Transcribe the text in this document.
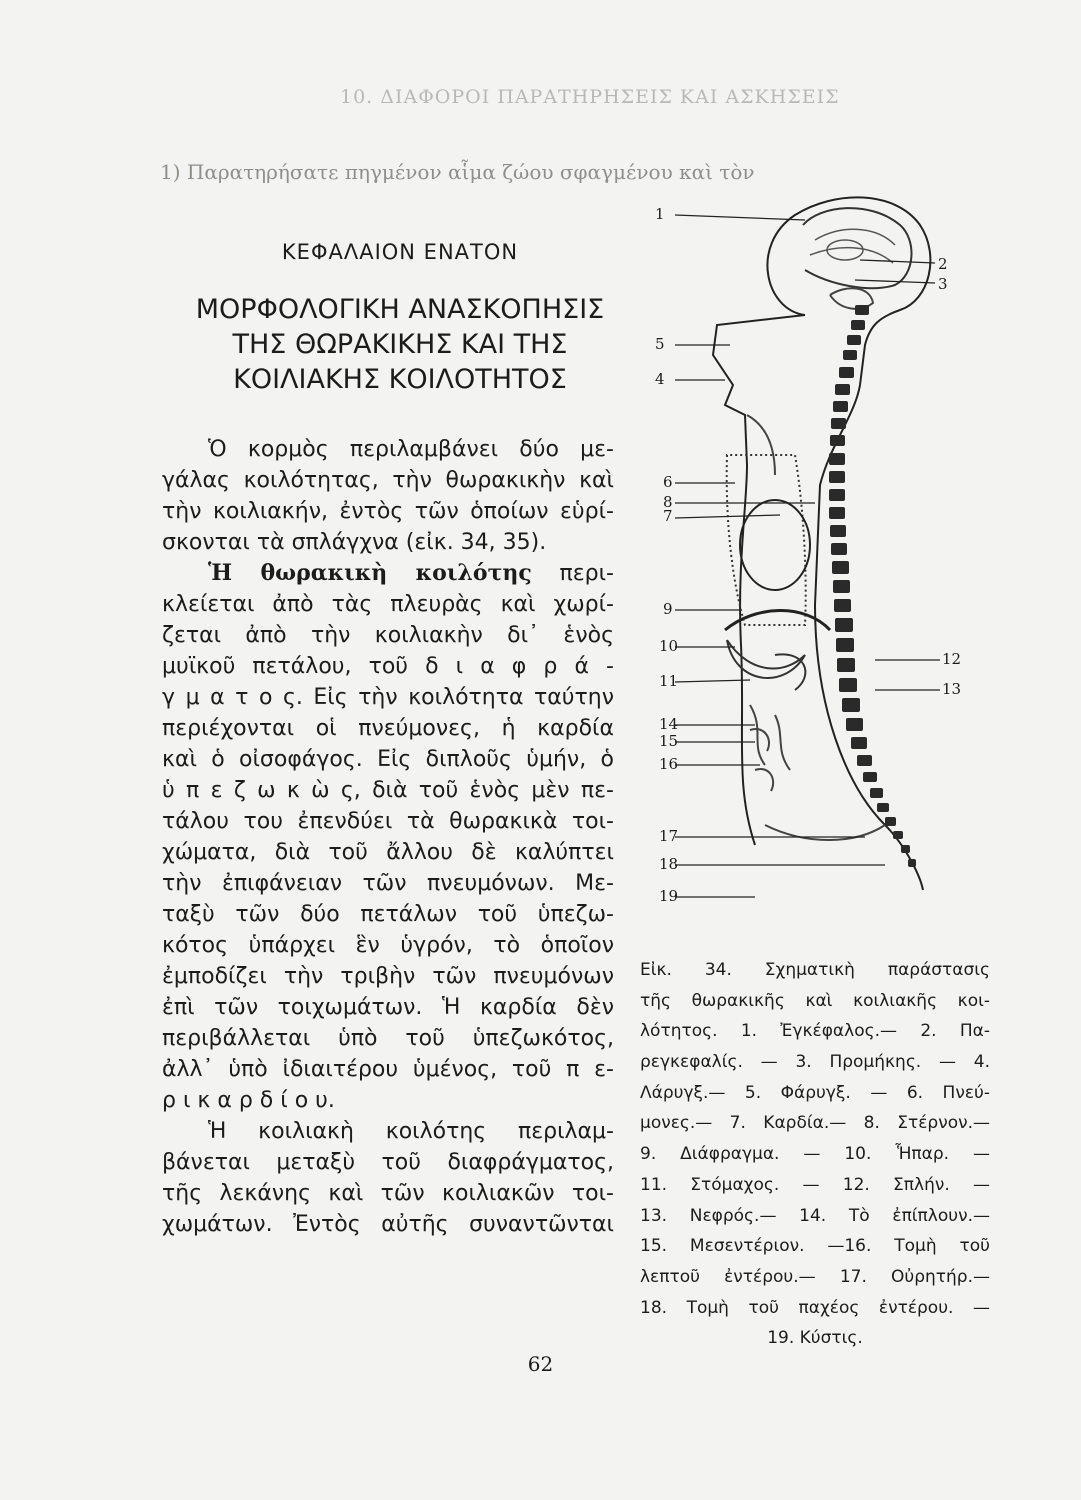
10. ΔΙΑΦΟΡΟΙ ΠΑΡΑΤΗΡΗΣΕΙΣ ΚΑΙ ΑΣΚΗΣΕΙΣ
1) Παρατηρήσατε πηγμένον αἷμα ζώου σφαγμένου καὶ τὸν
ΚΕΦΑΛΑΙΟΝ ΕΝΑΤΟΝ
ΜΟΡΦΟΛΟΓΙΚΗ ΑΝΑΣΚΟΠΗΣΙΣ
ΤΗΣ ΘΩΡΑΚΙΚΗΣ ΚΑΙ ΤΗΣ
ΚΟΙΛΙΑΚΗΣ ΚΟΙΛΟΤΗΤΟΣ
Ὁ κορμὸς περιλαμβάνει δύο με-
γάλας κοιλότητας, τὴν θωρακικὴν καὶ
τὴν κοιλιακήν, ἐντὸς τῶν ὁποίων εὑρί-
σκονται τὰ σπλάγχνα (εἰκ. 34, 35).
Ἡ θωρακικὴ κοιλότης περι-
κλείεται ἀπὸ τὰς πλευρὰς καὶ χωρί-
ζεται ἀπὸ τὴν κοιλιακὴν δι᾽ ἑνὸς
μυϊκοῦ πετάλου, τοῦ δ ι α φ ρ ά -
γ μ α τ ο ς. Εἰς τὴν κοιλότητα ταύτην
περιέχονται οἱ πνεύμονες, ἡ καρδία
καὶ ὁ οἰσοφάγος. Εἰς διπλοῦς ὑμήν, ὁ
ὑ π ε ζ ω κ ὼ ς, διὰ τοῦ ἑνὸς μὲν πε-
τάλου του ἐπενδύει τὰ θωρακικὰ τοι-
χώματα, διὰ τοῦ ἄλλου δὲ καλύπτει
τὴν ἐπιφάνειαν τῶν πνευμόνων. Με-
ταξὺ τῶν δύο πετάλων τοῦ ὑπεζω-
κότος ὑπάρχει ἓν ὑγρόν, τὸ ὁποῖον
ἐμποδίζει τὴν τριβὴν τῶν πνευμόνων
ἐπὶ τῶν τοιχωμάτων. Ἡ καρδία δὲν
περιβάλλεται ὑπὸ τοῦ ὑπεζωκότος,
ἀλλ᾽ ὑπὸ ἰδιαιτέρου ὑμένος, τοῦ π ε-
ρ ι κ α ρ δ ί ο υ.
Ἡ κοιλιακὴ κοιλότης περιλαμ-
βάνεται μεταξὺ τοῦ διαφράγματος,
τῆς λεκάνης καὶ τῶν κοιλιακῶν τοι-
χωμάτων. Ἐντὸς αὐτῆς συναντῶνται
1
2
3
4
5
6
7
8
9
10
12
11	13
14
15
16
17
18
19
Εἰκ. 34. Σχηματικὴ παράστασις
τῆς θωρακικῆς καὶ κοιλιακῆς κοι-
λότητος. 1. Ἐγκέφαλος.— 2. Πα-
ρεγκεφαλίς. — 3. Προμήκης. — 4.
Λάρυγξ.— 5. Φάρυγξ. — 6. Πνεύ-
μονες.— 7. Καρδία.— 8. Στέρνον.—
9. Διάφραγμα. — 10. Ἧπαρ. —
11. Στόμαχος. — 12. Σπλήν. —
13. Νεφρός.— 14. Τὸ ἐπίπλουν.—
15. Μεσεντέριον. —16. Τομὴ τοῦ
λεπτοῦ ἐντέρου.— 17. Οὐρητήρ.—
18. Τομὴ τοῦ παχέος ἐντέρου. —
19. Κύστις.
62
